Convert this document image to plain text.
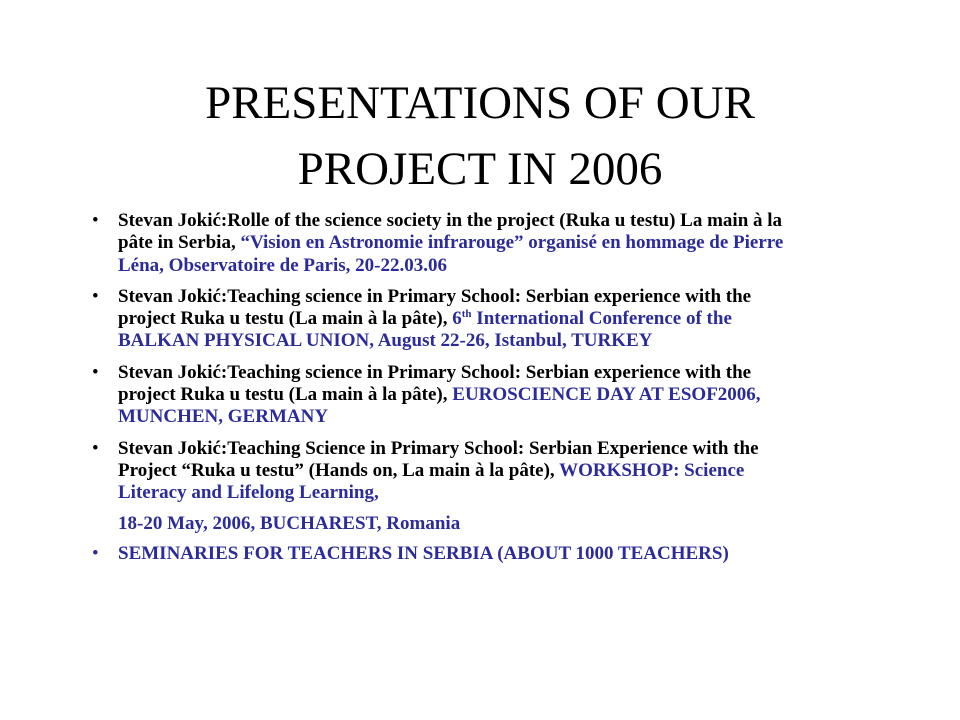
PRESENTATIONS OF OUR
PROJECT IN 2006
• Stevan Jokić:Rolle of the science society in the project (Ruka u testu) La main à la pâte in Serbia, “Vision en Astronomie infrarouge” organisé en hommage de Pierre Léna, Observatoire de Paris, 20-22.03.06
• Stevan Jokić:Teaching science in Primary School: Serbian experience with the project Ruka u testu (La main à la pâte), 6th International Conference of the BALKAN PHYSICAL UNION, August 22-26, Istanbul, TURKEY
• Stevan Jokić:Teaching science in Primary School: Serbian experience with the project Ruka u testu (La main à la pâte), EUROSCIENCE DAY AT ESOF2006, MUNCHEN, GERMANY
• Stevan Jokić:Teaching Science in Primary School: Serbian Experience with the Project “Ruka u testu” (Hands on, La main à la pâte), WORKSHOP: Science Literacy and Lifelong Learning,
18-20 May, 2006, BUCHAREST, Romania
• SEMINARIES FOR TEACHERS IN SERBIA (ABOUT 1000 TEACHERS)
